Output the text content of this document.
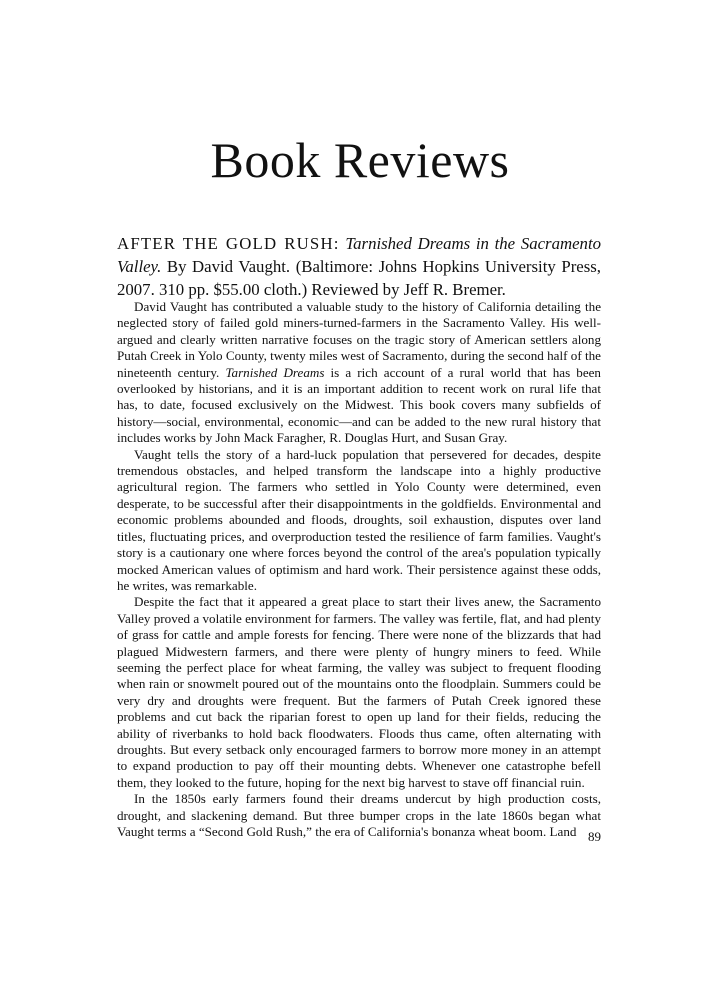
Book Reviews
AFTER THE GOLD RUSH: Tarnished Dreams in the Sacramento Valley. By David Vaught. (Baltimore: Johns Hopkins University Press, 2007. 310 pp. $55.00 cloth.) Reviewed by Jeff R. Bremer.

David Vaught has contributed a valuable study to the history of California detailing the neglected story of failed gold miners-turned-farmers in the Sacramento Valley. His well-argued and clearly written narrative focuses on the tragic story of American settlers along Putah Creek in Yolo County, twenty miles west of Sacramento, during the second half of the nineteenth century. Tarnished Dreams is a rich account of a rural world that has been overlooked by historians, and it is an important addition to recent work on rural life that has, to date, focused exclusively on the Midwest. This book covers many subfields of history—social, environmental, economic—and can be added to the new rural history that includes works by John Mack Faragher, R. Douglas Hurt, and Susan Gray.

Vaught tells the story of a hard-luck population that persevered for decades, despite tremendous obstacles, and helped transform the landscape into a highly productive agricultural region. The farmers who settled in Yolo County were determined, even desperate, to be successful after their disappointments in the goldfields. Environmental and economic problems abounded and floods, droughts, soil exhaustion, disputes over land titles, fluctuating prices, and overproduction tested the resilience of farm families. Vaught's story is a cautionary one where forces beyond the control of the area's population typically mocked American values of optimism and hard work. Their persistence against these odds, he writes, was remarkable.

Despite the fact that it appeared a great place to start their lives anew, the Sacramento Valley proved a volatile environment for farmers. The valley was fertile, flat, and had plenty of grass for cattle and ample forests for fencing. There were none of the blizzards that had plagued Midwestern farmers, and there were plenty of hungry miners to feed. While seeming the perfect place for wheat farming, the valley was subject to frequent flooding when rain or snowmelt poured out of the mountains onto the floodplain. Summers could be very dry and droughts were frequent. But the farmers of Putah Creek ignored these problems and cut back the riparian forest to open up land for their fields, reducing the ability of riverbanks to hold back floodwaters. Floods thus came, often alternating with droughts. But every setback only encouraged farmers to borrow more money in an attempt to expand production to pay off their mounting debts. Whenever one catastrophe befell them, they looked to the future, hoping for the next big harvest to stave off financial ruin.

In the 1850s early farmers found their dreams undercut by high production costs, drought, and slackening demand. But three bumper crops in the late 1860s began what Vaught terms a “Second Gold Rush,” the era of California's bonanza wheat boom. Land 89
